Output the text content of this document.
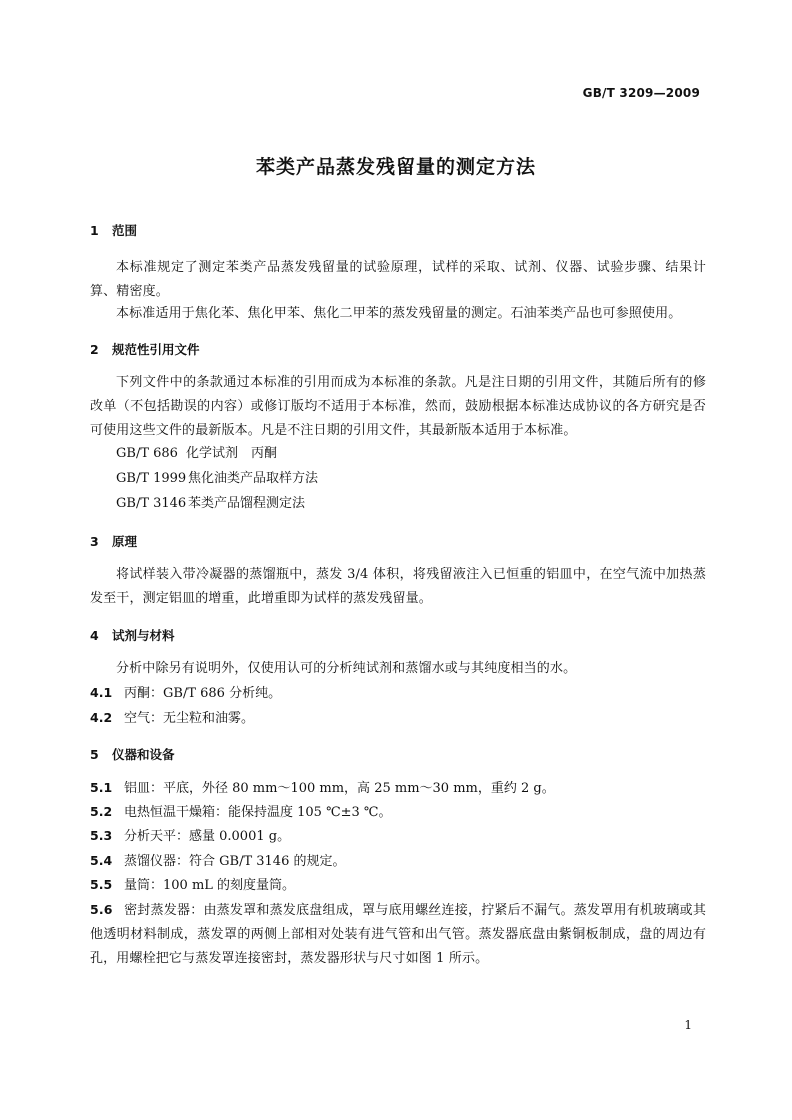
GB/T 3209—2009
苯类产品蒸发残留量的测定方法
1 范围
本标准规定了测定苯类产品蒸发残留量的试验原理，试样的采取、试剂、仪器、试验步骤、结果计算、精密度。
本标准适用于焦化苯、焦化甲苯、焦化二甲苯的蒸发残留量的测定。石油苯类产品也可参照使用。
2 规范性引用文件
下列文件中的条款通过本标准的引用而成为本标准的条款。凡是注日期的引用文件，其随后所有的修改单（不包括勘误的内容）或修订版均不适用于本标准，然而，鼓励根据本标准达成协议的各方研究是否可使用这些文件的最新版本。凡是不注日期的引用文件，其最新版本适用于本标准。
GB/T 686 化学试剂　丙酮
GB/T 1999 焦化油类产品取样方法
GB/T 3146 苯类产品馏程测定法
3 原理
将试样装入带冷凝器的蒸馏瓶中，蒸发 3/4 体积，将残留液注入已恒重的铝皿中，在空气流中加热蒸发至干，测定铝皿的增重，此增重即为试样的蒸发残留量。
4 试剂与材料
分析中除另有说明外，仅使用认可的分析纯试剂和蒸馏水或与其纯度相当的水。
4.1 丙酮：GB/T 686 分析纯。
4.2 空气：无尘粒和油雾。
5 仪器和设备
5.1 铝皿：平底，外径 80 mm～100 mm，高 25 mm～30 mm，重约 2 g。
5.2 电热恒温干燥箱：能保持温度 105 ℃±3 ℃。
5.3 分析天平：感量 0.0001 g。
5.4 蒸馏仪器：符合 GB/T 3146 的规定。
5.5 量筒：100 mL 的刻度量筒。
5.6 密封蒸发器：由蒸发罩和蒸发底盘组成，罩与底用螺丝连接，拧紧后不漏气。蒸发罩用有机玻璃或其他透明材料制成，蒸发罩的两侧上部相对处装有进气管和出气管。蒸发器底盘由紫铜板制成，盘的周边有孔，用螺栓把它与蒸发罩连接密封，蒸发器形状与尺寸如图 1 所示。
1
